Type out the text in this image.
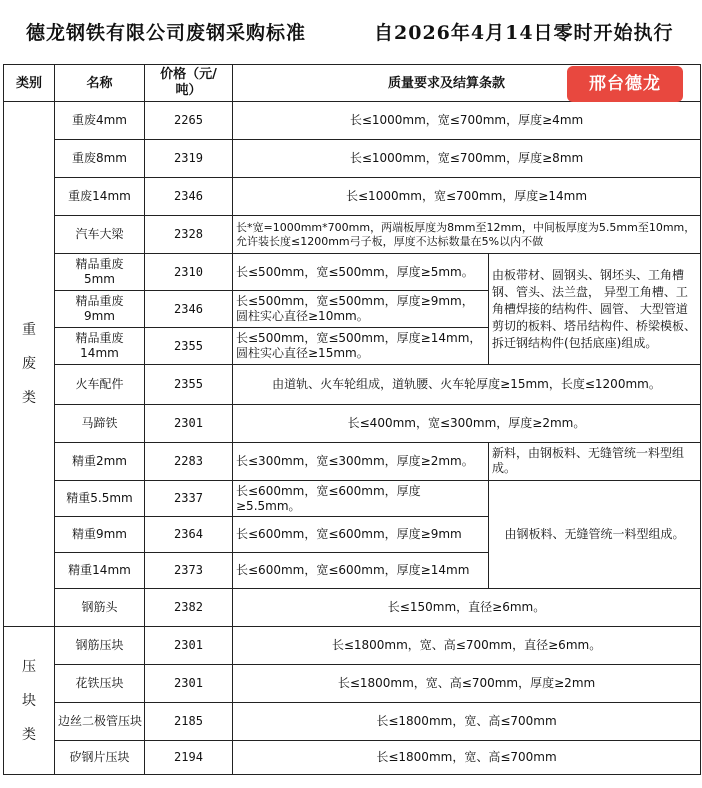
德龙钢铁有限公司废钢采购标准	自2026年4月14日零时开始执行
类别	名称	价格（元/吨）	质量要求及结算条款	
重废类	重废4mm	2265	长≤1000mm，宽≤700mm，厚度≥4mm	
	重废8mm	2319	长≤1000mm，宽≤700mm，厚度≥8mm	
	重废14mm	2346	长≤1000mm，宽≤700mm，厚度≥14mm	
	汽车大梁	2328	长*宽=1000mm*700mm，两端板厚度为8mm至12mm，中间板厚度为5.5mm至10mm，允许装长度≤1200mm弓子板，厚度不达标数量在5%以内不做	
	精品重废5mm	2310	长≤500mm，宽≤500mm，厚度≥5mm。	由板带材、圆钢头、钢坯头、工角槽钢、管头、法兰盘， 异型工角槽、工角槽焊接的结构件、圆管、 大型管道剪切的板料、塔吊结构件、桥梁模板、 拆迁钢结构件(包括底座)组成。
	精品重废9mm	2346	长≤500mm，宽≤500mm，厚度≥9mm，圆柱实心直径≥10mm。	
	精品重废14mm	2355	长≤500mm，宽≤500mm，厚度≥14mm，圆柱实心直径≥15mm。	
	火车配件	2355	由道轨、火车轮组成，道轨腰、火车轮厚度≥15mm，长度≤1200mm。	
	马蹄铁	2301	长≤400mm，宽≤300mm，厚度≥2mm。	
	精重2mm	2283	长≤300mm，宽≤300mm，厚度≥2mm。	新料，由钢板料、无缝管统一料型组成。
	精重5.5mm	2337	长≤600mm，宽≤600mm，厚度≥5.5mm。	由钢板料、无缝管统一料型组成。
	精重9mm	2364	长≤600mm，宽≤600mm，厚度≥9mm	
	精重14mm	2373	长≤600mm，宽≤600mm，厚度≥14mm	
	钢筋头	2382	长≤150mm，直径≥6mm。	
压块类	钢筋压块	2301	长≤1800mm，宽、高≤700mm，直径≥6mm。	
	花铁压块	2301	长≤1800mm，宽、高≤700mm，厚度≥2mm	
	边丝二极管压块	2185	长≤1800mm，宽、高≤700mm	
	矽钢片压块	2194	长≤1800mm，宽、高≤700mm	
邢台德龙
